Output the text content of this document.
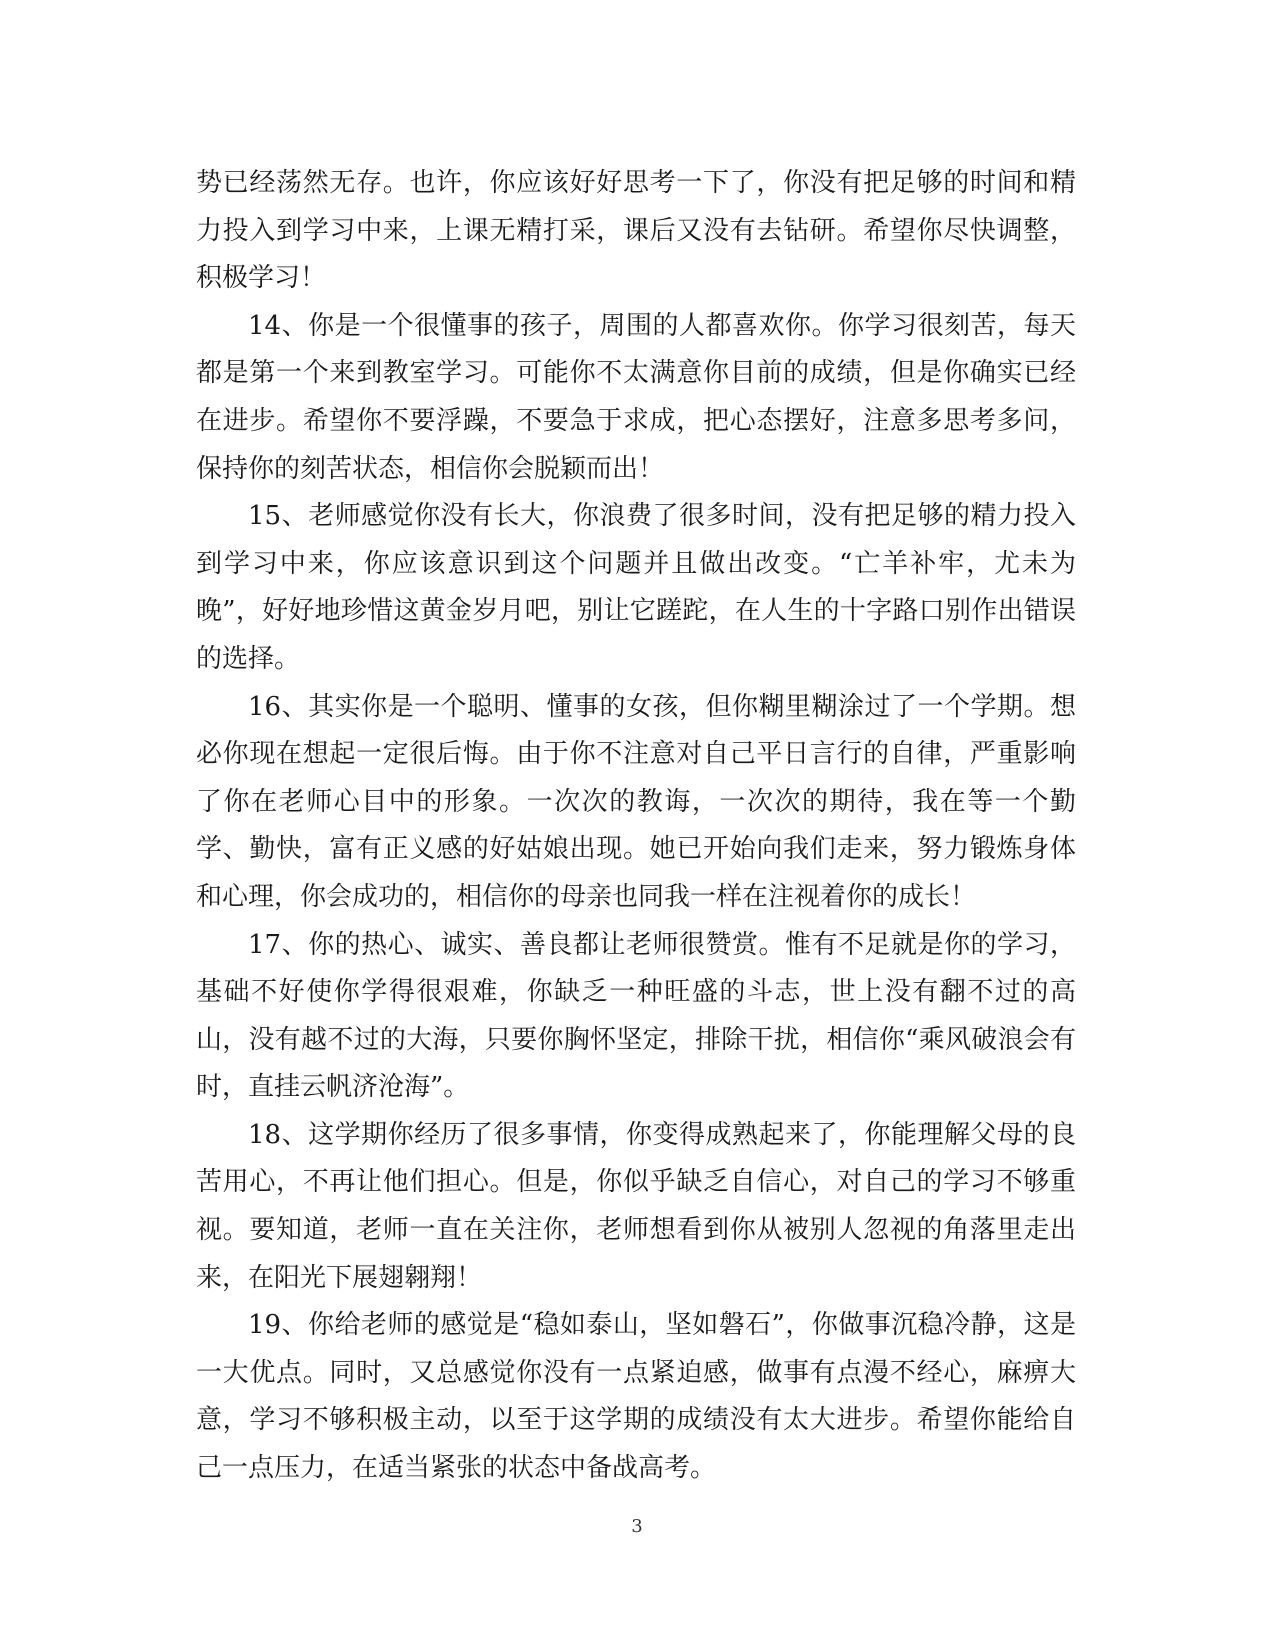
势已经荡然无存。也许，你应该好好思考一下了，你没有把足够的时间和精力投入到学习中来，上课无精打采，课后又没有去钻研。希望你尽快调整，积极学习！

14、你是一个很懂事的孩子，周围的人都喜欢你。你学习很刻苦，每天都是第一个来到教室学习。可能你不太满意你目前的成绩，但是你确实已经在进步。希望你不要浮躁，不要急于求成，把心态摆好，注意多思考多问，保持你的刻苦状态，相信你会脱颖而出！

15、老师感觉你没有长大，你浪费了很多时间，没有把足够的精力投入到学习中来，你应该意识到这个问题并且做出改变。“亡羊补牢，尤未为晚”，好好地珍惜这黄金岁月吧，别让它蹉跎，在人生的十字路口别作出错误的选择。

16、其实你是一个聪明、懂事的女孩，但你糊里糊涂过了一个学期。想必你现在想起一定很后悔。由于你不注意对自己平日言行的自律，严重影响了你在老师心目中的形象。一次次的教诲，一次次的期待，我在等一个勤学、勤快，富有正义感的好姑娘出现。她已开始向我们走来，努力锻炼身体和心理，你会成功的，相信你的母亲也同我一样在注视着你的成长！

17、你的热心、诚实、善良都让老师很赞赏。惟有不足就是你的学习，基础不好使你学得很艰难，你缺乏一种旺盛的斗志，世上没有翻不过的高山，没有越不过的大海，只要你胸怀坚定，排除干扰，相信你“乘风破浪会有时，直挂云帆济沧海”。

18、这学期你经历了很多事情，你变得成熟起来了，你能理解父母的良苦用心，不再让他们担心。但是，你似乎缺乏自信心，对自己的学习不够重视。要知道，老师一直在关注你，老师想看到你从被别人忽视的角落里走出来，在阳光下展翅翱翔！

19、你给老师的感觉是“稳如泰山，坚如磐石”，你做事沉稳冷静，这是一大优点。同时，又总感觉你没有一点紧迫感，做事有点漫不经心，麻痹大意，学习不够积极主动，以至于这学期的成绩没有太大进步。希望你能给自己一点压力，在适当紧张的状态中备战高考。

3
